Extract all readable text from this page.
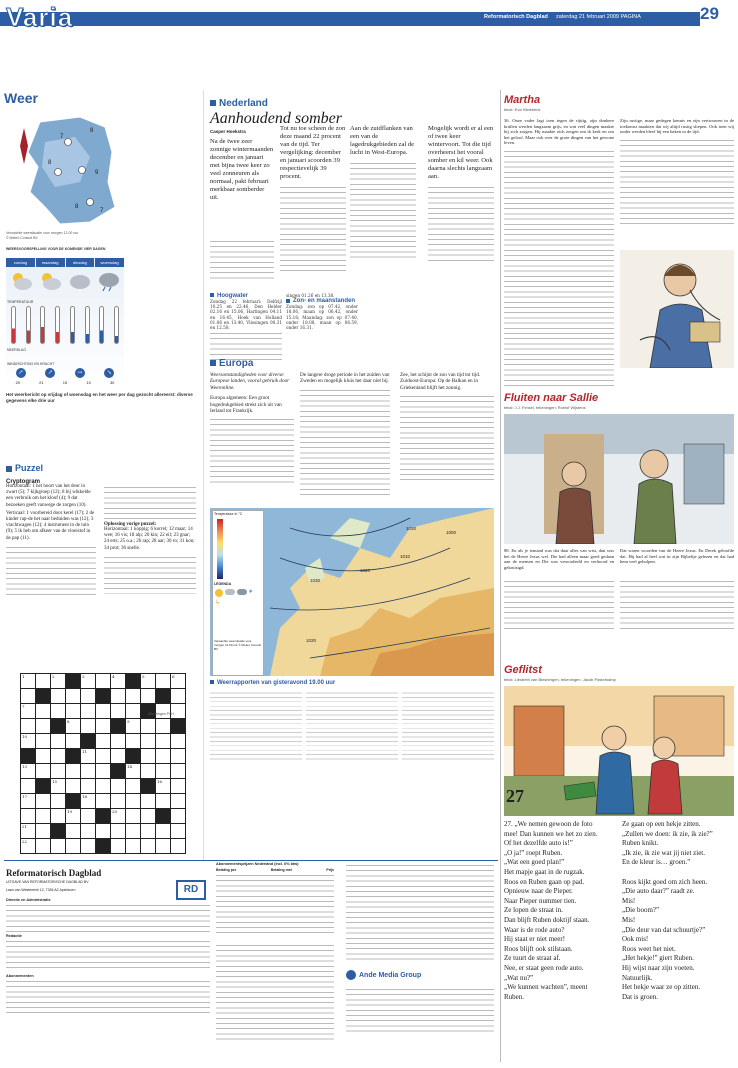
Varia	Reformatorisch Dagblad zaterdag 21 februari 2009 PAGINA	29
Weer
7
8
9
8
8
7
Verwachte weersituatie voor morgen 12.00 uur
© Meteo Consult BV
WEERSVOORSPELLING VOOR DE KOMENDE VIER DAGEN
zondag	maandag	dinsdag	woensdag
TEMPERATUUR
NEERSLAG
WINDRICHTING EN KRACHT
↗	↗	→	↘
20	21	15	10	30
Het weerbericht op vrijdag of woensdag en het weer per dag gezocht allereerst: diverse gegevens elke drie uur
Nederland
Aanhoudend somber
Casper Hoekstra
Na de twee zeer zonnige wintermaanden december en januari met bijna twee keer zo veel zonneuren als normaal, pakt februari merkbaar somberder uit.
Tot nu toe scheen de zon deze maand 22 procent van de tijd. Ter vergelijking: december en januari scoorden 39 respectievelijk 39 procent.
Aan de zuidflanken van een van de lagedrukgebieden zal de lucht in West-Europa.
Mogelijk wordt er al een of twee keer wintervoort. Tot die tijd overheerst het vooral somber en kil weer. Ook daarna slechts langzaam aan.
Hoogwater
Zondag 22 februari: Delfzijl 10.25 en 22.46, Den Helder 02.16 en 15.06, Harlingen 04.11 en 16.45, Hoek van Holland 01.06 en 13.40, Vlissingen 00.31 en 12.58.
singen 01.26 en 13.38.
Zon- en maanstanden
Zondag: zon op 07.42, onder 18.06, maan op 06.42, onder 15.16; Maandag: zon op 07.40, onder 18.08, maan op 06.59, onder 16.31.
Europa
Weersomstandigheden voor diverse Europese landen, vooral gebruik door Weeronline.
Europa algemeen: Een groot hogedrukgebied strekt zich uit van Ierland tot Frankrijk.
De langere droge periode in het zuiden van Zweden en mogelijk kluis het daar niet bij.
Zee, het schijnt de zon van tijd tot tijd. Zuidoost-Europa: Op de Balkan en in Griekenland blijft het zonnig.
1030
1020
1010
1000
1030
1020
Temperatuur in °C
LEGENDA
*
ϟ
Verwachte weersituatie voor morgen 12.00 uur © Meteo Consult BV
Weerrapporten van gisteravond 19.00 uur
Puzzel
Cryptogram
Horizontaal: 1 het hoort van het deur in zwart (5); 7 kijkgroep (12); 8 bij wikkelde een verbruik om het kloof (4); 9 dat bezoeken geeft vanwege de zorgen (10).
Verticaal: 1 voorbereid door kerel (17); 2 de kinder rap-de het naar beduiden was (12); 3 vrachtwagen (12); 4 instrument in de tuin (9); 5 ik heb om afkeer van de vloeistof in de pap (11).
Oplossing vorige puzzel:
Horizontaal: 1 koppig; 6 korrel; 12 maar; 14 wee; 16 vis; 18 alp; 20 kin; 22 eil; 23 gnar; 24 erts; 25 o.a.; 26 rap; 28 aar; 30 ro; 31 kon; 34 prot; 36 snelle.
1		2		3		4		5		6

7										
			8				9			
10										
				11						
13							14			
		15							16	
17				18						
			19			20				
21										
22										
Afkortingen P&H
Reformatorisch Dagblad
UITGAVE VAN REFORMATORISCHE DAGBLAD BV
Laan van Westenenk 12, 7336 AZ Apeldoorn
Directie en Administratie
Redactie
Abonnementen
RD
Abonnementsprijzen Nederland (incl. 6% btw)
Betaling per	Betaling met	Prijs
Ande Media Group
Martha
tekst: Eva Hildebrink
36. Onze vader lagt toen tegen de rijttig, zijn donkere krullen werden langzaam grijs, en wat veel dingen maakte hij zich zorgen. Hij maakte zich zorgen om ik kerk en om het geloof. Maar ook over de grote dingen van het gewone leven.
Zijn rustige, maar gedegen kennis en zijn vertrouwen in de toekomst maakten dat wij altijd rustig sliepen. Ook toen wij ouder werden bleef hij een baken in de tijd.
Fluiten naar Sallie
tekst: J.J. Fimsel, tekeningen: Roelof Wijstens
88. En als je iemand was dat daar alles van wist, dan was het de Heere Jezus wel. Die had alleen maar goed gedaan aan de mensen en Die was veroordeeld en verhoord en gekruisigd.
Dat waren woorden van de Heere Jezus. En Derek geloofde dat. Hij had al heel wat in zijn Bijbeltje gelezen en dat had hem veel geholpen.
Geflitst
tekst: Liesbeth van Binsbergen, tekeningen: Jacob Pasterkamp
27
27. „We nemen gewoon de foto
mee! Dan kunnen we het zo zien.
Of het dezelfde auto is!”
„O ja!” roept Ruben.
„Wat een goed plan!”
Het mapje gaat in de rugzak.
Roos en Ruben gaan op pad.
Opnieuw naar de Pieper.
Naar Pieper nummer tien.
Ze lopen de straat in.
Dan blijft Ruben doktijf staan.
Waar is de rode auto?
Hij staat er niet meer!
Roos blijft ook stilstaan.
Ze tuurt de straat af.
Nee, er staat geen rode auto.
„Wat nu?”
„We kunnen wachten”, meent
Ruben.
Ze gaan op een hekje zitten.
„Zullen we doen: ik zie, ik zie?”
Ruben knikt.
„Ik zie, ik zie wat jij niet ziet.
En de kleur is… groen.”
Roos kijkt goed om zich heen.
„Die auto daar?” raadt ze.
Mis!
„Die boom?”
Mis!
„Die deur van dat schuurtje?”
Ook mis!
Roos weet het niet.
„Het hekje!” giert Ruben.
Hij wijst naar zijn voeten.
Natuurlijk.
Het hekje waar ze op zitten.
Dat is groen.
